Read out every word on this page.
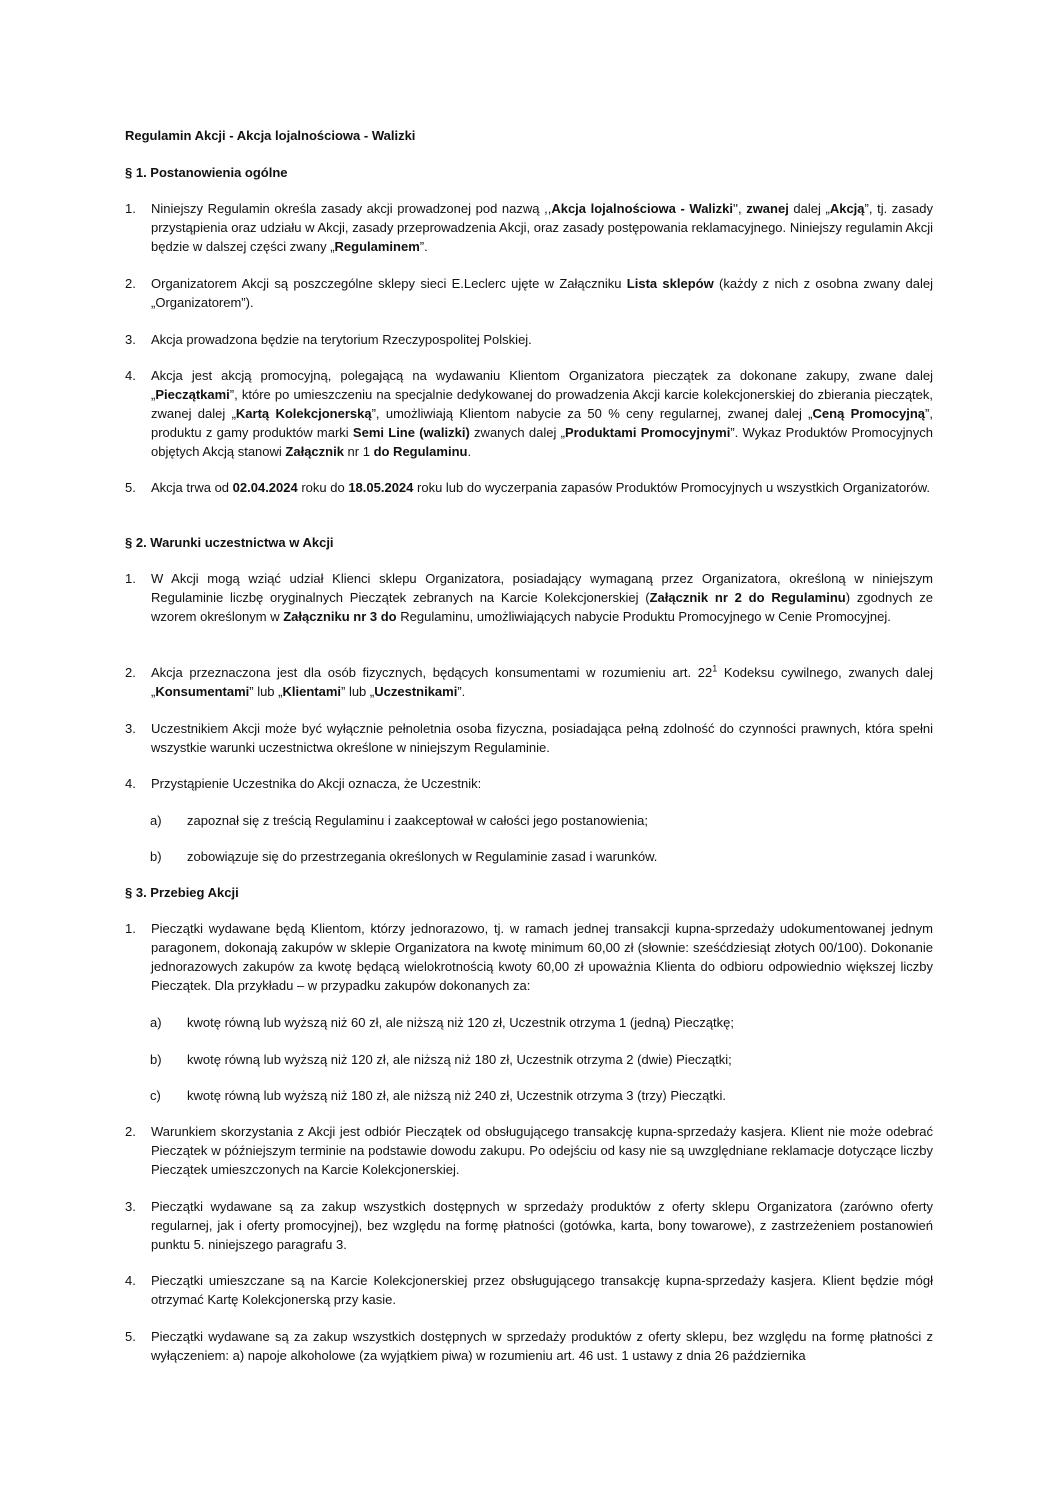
Regulamin Akcji - Akcja lojalnościowa - Walizki
§ 1. Postanowienia ogólne
1. Niniejszy Regulamin określa zasady akcji prowadzonej pod nazwą ,,Akcja lojalnościowa - Walizki'', zwanej dalej „Akcją”, tj. zasady przystąpienia oraz udziału w Akcji, zasady przeprowadzenia Akcji, oraz zasady postępowania reklamacyjnego. Niniejszy regulamin Akcji będzie w dalszej części zwany „Regulaminem”.
2. Organizatorem Akcji są poszczególne sklepy sieci E.Leclerc ujęte w Załączniku Lista sklepów (każdy z nich z osobna zwany dalej „Organizatorem”).
3. Akcja prowadzona będzie na terytorium Rzeczypospolitej Polskiej.
4. Akcja jest akcją promocyjną, polegającą na wydawaniu Klientom Organizatora pieczątek za dokonane zakupy, zwane dalej „Pieczątkami”, które po umieszczeniu na specjalnie dedykowanej do prowadzenia Akcji karcie kolekcjonerskiej do zbierania pieczątek, zwanej dalej „Kartą Kolekcjonerską”, umożliwiają Klientom nabycie za 50 % ceny regularnej, zwanej dalej „Ceną Promocyjną”, produktu z gamy produktów marki Semi Line (walizki) zwanych dalej „Produktami Promocyjnymi”. Wykaz Produktów Promocyjnych objętych Akcją stanowi Załącznik nr 1 do Regulaminu.
5. Akcja trwa od 02.04.2024 roku do 18.05.2024 roku lub do wyczerpania zapasów Produktów Promocyjnych u wszystkich Organizatorów.
§ 2. Warunki uczestnictwa w Akcji
1. W Akcji mogą wziąć udział Klienci sklepu Organizatora, posiadający wymaganą przez Organizatora, określoną w niniejszym Regulaminie liczbę oryginalnych Pieczątek zebranych na Karcie Kolekcjonerskiej (Załącznik nr 2 do Regulaminu) zgodnych ze wzorem określonym w Załączniku nr 3 do Regulaminu, umożliwiających nabycie Produktu Promocyjnego w Cenie Promocyjnej.
2. Akcja przeznaczona jest dla osób fizycznych, będących konsumentami w rozumieniu art. $22^1$ Kodeksu cywilnego, zwanych dalej „Konsumentami” lub „Klientami” lub „Uczestnikami”.
3. Uczestnikiem Akcji może być wyłącznie pełnoletnia osoba fizyczna, posiadająca pełną zdolność do czynności prawnych, która spełni wszystkie warunki uczestnictwa określone w niniejszym Regulaminie.
4. Przystąpienie Uczestnika do Akcji oznacza, że Uczestnik:
a) zapoznał się z treścią Regulaminu i zaakceptował w całości jego postanowienia;
b) zobowiązuje się do przestrzegania określonych w Regulaminie zasad i warunków.
§ 3. Przebieg Akcji
1. Pieczątki wydawane będą Klientom, którzy jednorazowo, tj. w ramach jednej transakcji kupna-sprzedaży udokumentowanej jednym paragonem, dokonają zakupów w sklepie Organizatora na kwotę minimum 60,00 zł (słownie: sześćdziesiąt złotych 00/100). Dokonanie jednorazowych zakupów za kwotę będącą wielokrotnością kwoty 60,00 zł upoważnia Klienta do odbioru odpowiednio większej liczby Pieczątek. Dla przykładu – w przypadku zakupów dokonanych za:
a) kwotę równą lub wyższą niż 60 zł, ale niższą niż 120 zł, Uczestnik otrzyma 1 (jedną) Pieczątkę;
b) kwotę równą lub wyższą niż 120 zł, ale niższą niż 180 zł, Uczestnik otrzyma 2 (dwie) Pieczątki;
c) kwotę równą lub wyższą niż 180 zł, ale niższą niż 240 zł, Uczestnik otrzyma 3 (trzy) Pieczątki.
2. Warunkiem skorzystania z Akcji jest odbiór Pieczątek od obsługującego transakcję kupna-sprzedaży kasjera. Klient nie może odebrać Pieczątek w późniejszym terminie na podstawie dowodu zakupu. Po odejściu od kasy nie są uwzględniane reklamacje dotyczące liczby Pieczątek umieszczonych na Karcie Kolekcjonerskiej.
3. Pieczątki wydawane są za zakup wszystkich dostępnych w sprzedaży produktów z oferty sklepu Organizatora (zarówno oferty regularnej, jak i oferty promocyjnej), bez względu na formę płatności (gotówka, karta, bony towarowe), z zastrzeżeniem postanowień punktu 5. niniejszego paragrafu 3.
4. Pieczątki umieszczane są na Karcie Kolekcjonerskiej przez obsługującego transakcję kupna-sprzedaży kasjera. Klient będzie mógł otrzymać Kartę Kolekcjonerską przy kasie.
5. Pieczątki wydawane są za zakup wszystkich dostępnych w sprzedaży produktów z oferty sklepu, bez względu na formę płatności z wyłączeniem: a) napoje alkoholowe (za wyjątkiem piwa) w rozumieniu art. 46 ust. 1 ustawy z dnia 26 października
